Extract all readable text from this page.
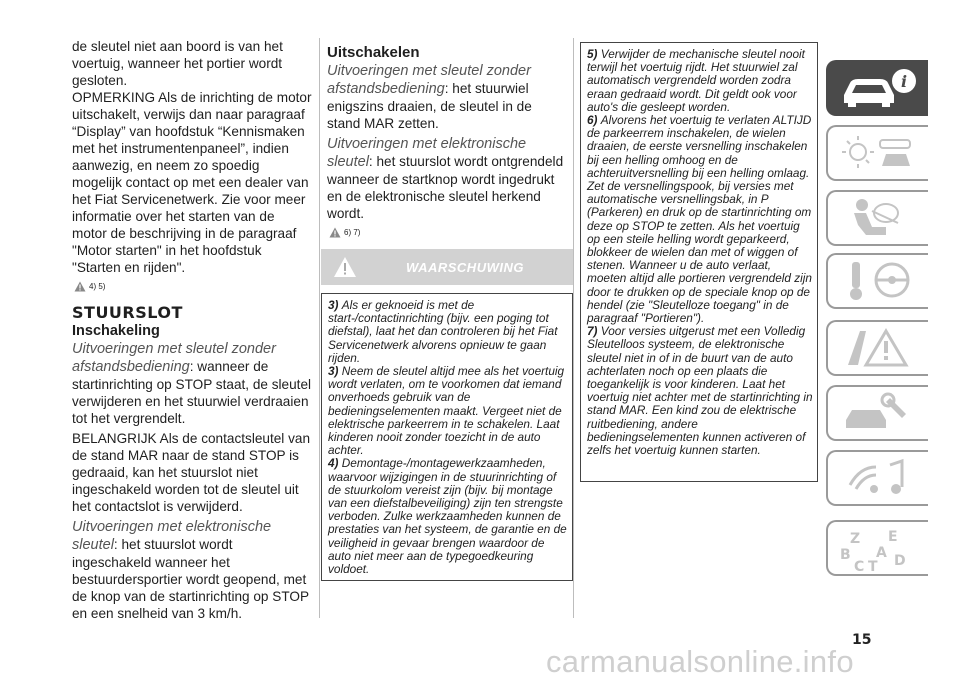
de sleutel niet aan boord is van het voertuig, wanneer het portier wordt gesloten.

OPMERKING Als de inrichting de motor uitschakelt, verwijs dan naar paragraaf “Display” van hoofdstuk “Kennismaken met het instrumentenpaneel”, indien aanwezig, en neem zo spoedig mogelijk contact op met een dealer van het Fiat Servicenetwerk. Zie voor meer informatie over het starten van de motor de beschrijving in de paragraaf "Motor starten" in het hoofdstuk "Starten en rijden".

4) 5)
STUURSLOT
Inschakeling

Uitvoeringen met sleutel zonder afstandsbediening: wanneer de startinrichting op STOP staat, de sleutel verwijderen en het stuurwiel verdraaien tot het vergrendelt.

BELANGRIJK Als de contactsleutel van de stand MAR naar de stand STOP is gedraaid, kan het stuurslot niet ingeschakeld worden tot de sleutel uit het contactslot is verwijderd.

Uitvoeringen met elektronische sleutel: het stuurslot wordt ingeschakeld wanneer het bestuurdersportier wordt geopend, met de knop van de startinrichting op STOP en een snelheid van 3 km/h.

Uitschakelen

Uitvoeringen met sleutel zonder afstandsbediening: het stuurwiel enigszins draaien, de sleutel in de stand MAR zetten.

Uitvoeringen met elektronische sleutel: het stuurslot wordt ontgrendeld wanneer de startknop wordt ingedrukt en de elektronische sleutel herkend wordt.

6) 7)
WAARSCHUWING

3) Als er geknoeid is met de start-/contactinrichting (bijv. een poging tot diefstal), laat het dan controleren bij het Fiat Servicenetwerk alvorens opnieuw te gaan rijden.

3) Neem de sleutel altijd mee als het voertuig wordt verlaten, om te voorkomen dat iemand onverhoeds gebruik van de bedieningselementen maakt. Vergeet niet de elektrische parkeerrem in te schakelen. Laat kinderen nooit zonder toezicht in de auto achter.

4) Demontage-/montagewerkzaamheden, waarvoor wijzigingen in de stuurinrichting of de stuurkolom vereist zijn (bijv. bij montage van een diefstalbeveiliging) zijn ten strengste verboden. Zulke werkzaamheden kunnen de prestaties van het systeem, de garantie en de veiligheid in gevaar brengen waardoor de auto niet meer aan de typegoedkeuring voldoet.

5) Verwijder de mechanische sleutel nooit terwijl het voertuig rijdt. Het stuurwiel zal automatisch vergrendeld worden zodra eraan gedraaid wordt. Dit geldt ook voor auto's die gesleept worden.

6) Alvorens het voertuig te verlaten ALTIJD de parkeerrem inschakelen, de wielen draaien, de eerste versnelling inschakelen bij een helling omhoog en de achteruitversnelling bij een helling omlaag. Zet de versnellingspook, bij versies met automatische versnellingsbak, in P (Parkeren) en druk op de startinrichting om deze op STOP te zetten. Als het voertuig op een steile helling wordt geparkeerd, blokkeer de wielen dan met of wiggen of stenen. Wanneer u de auto verlaat, moeten altijd alle portieren vergrendeld zijn door te drukken op de speciale knop op de hendel (zie "Sleutelloze toegang" in de paragraaf "Portieren").

7) Voor versies uitgerust met een Volledig Sleutelloos systeem, de elektronische sleutel niet in of in de buurt van de auto achterlaten noch op een plaats die toegankelijk is voor kinderen. Laat het voertuig niet achter met de startinrichting in stand MAR. Een kind zou de elektrische ruitbediening, andere bedieningselementen kunnen activeren of zelfs het voertuig kunnen starten.

i
Z E
B A
C T D
15
carmanualsonline.info
